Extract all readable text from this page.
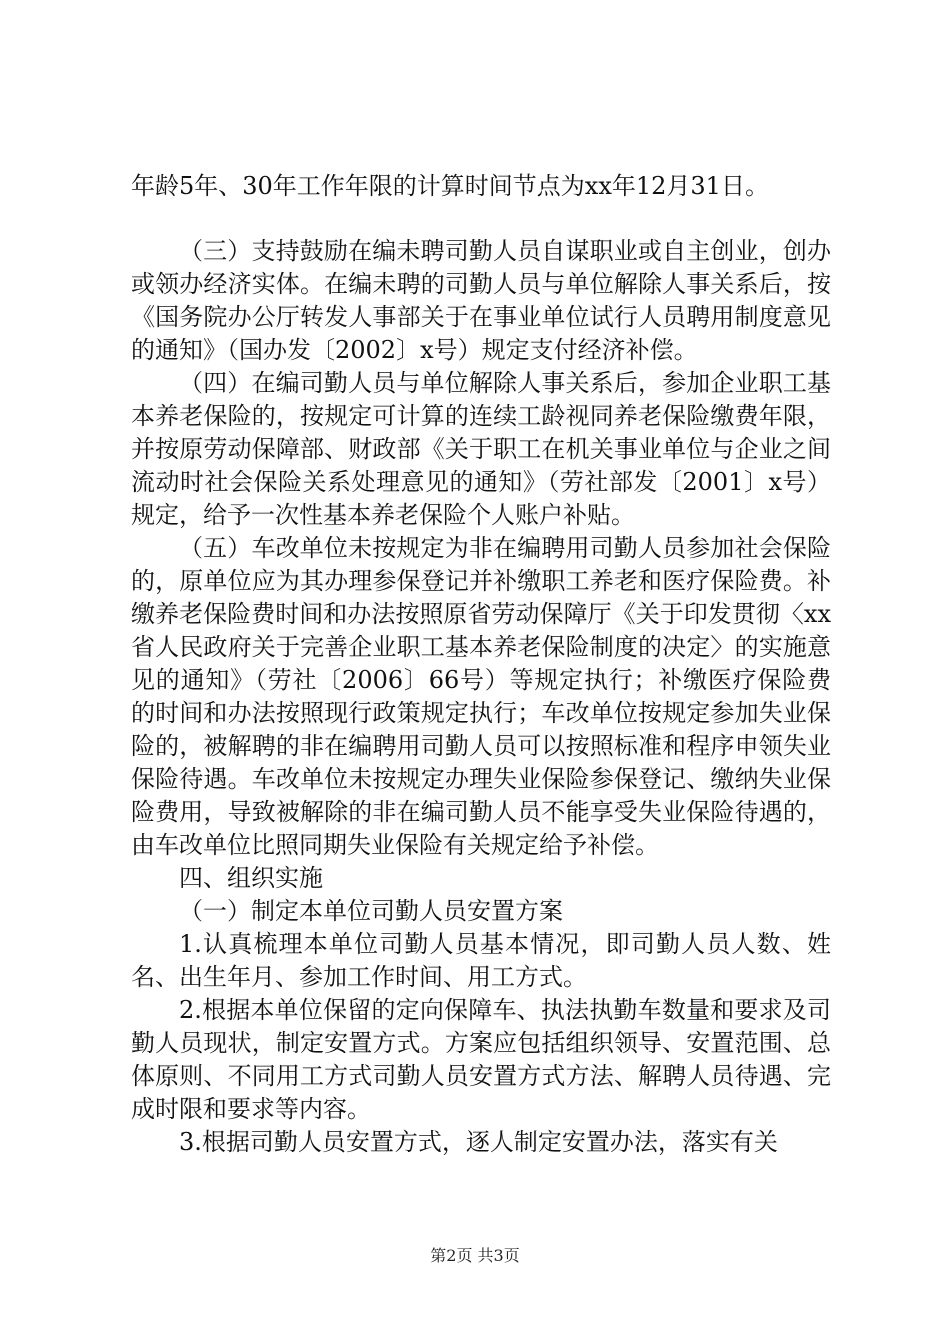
年龄5年、30年工作年限的计算时间节点为xx年12月31日。

（三）支持鼓励在编未聘司勤人员自谋职业或自主创业，创办或领办经济实体。在编未聘的司勤人员与单位解除人事关系后，按《国务院办公厅转发人事部关于在事业单位试行人员聘用制度意见的通知》（国办发〔2002〕x号）规定支付经济补偿。

（四）在编司勤人员与单位解除人事关系后，参加企业职工基本养老保险的，按规定可计算的连续工龄视同养老保险缴费年限，并按原劳动保障部、财政部《关于职工在机关事业单位与企业之间流动时社会保险关系处理意见的通知》（劳社部发〔2001〕x号）规定，给予一次性基本养老保险个人账户补贴。

（五）车改单位未按规定为非在编聘用司勤人员参加社会保险的，原单位应为其办理参保登记并补缴职工养老和医疗保险费。补缴养老保险费时间和办法按照原省劳动保障厅《关于印发贯彻〈xx省人民政府关于完善企业职工基本养老保险制度的决定〉的实施意见的通知》（劳社〔2006〕66号）等规定执行；补缴医疗保险费的时间和办法按照现行政策规定执行；车改单位按规定参加失业保险的，被解聘的非在编聘用司勤人员可以按照标准和程序申领失业保险待遇。车改单位未按规定办理失业保险参保登记、缴纳失业保险费用，导致被解除的非在编司勤人员不能享受失业保险待遇的，由车改单位比照同期失业保险有关规定给予补偿。

四、组织实施

（一）制定本单位司勤人员安置方案

1.认真梳理本单位司勤人员基本情况，即司勤人员人数、姓名、出生年月、参加工作时间、用工方式。

2.根据本单位保留的定向保障车、执法执勤车数量和要求及司勤人员现状，制定安置方式。方案应包括组织领导、安置范围、总体原则、不同用工方式司勤人员安置方式方法、解聘人员待遇、完成时限和要求等内容。

3.根据司勤人员安置方式，逐人制定安置办法，落实有关

第2页 共3页
